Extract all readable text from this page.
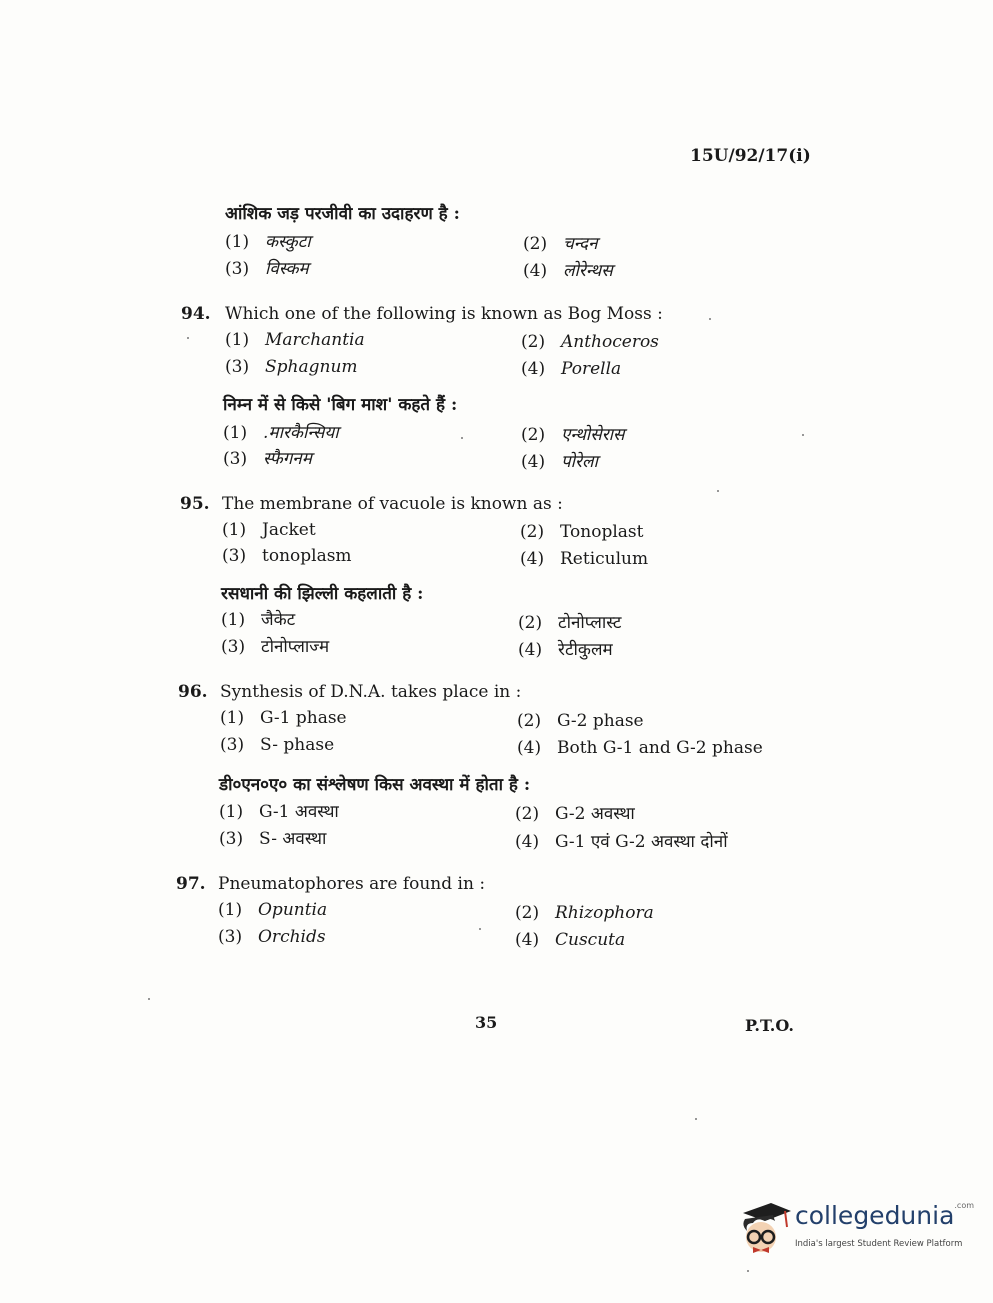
15U/92/17(i)
आंशिक जड़ परजीवी का उदाहरण है :
(1) कस्कुटा	(2) चन्दन
(3) विस्कम	(4) लोरेन्थस
94. Which one of the following is known as Bog Moss :
(1) Marchantia	(2) Anthoceros
(3) Sphagnum	(4) Porella
निम्न में से किसे 'बिग माश' कहते हैं :
(1) .मारकैन्सिया	(2) एन्थोसेरास
(3) स्फैगनम	(4) पोरेला
95. The membrane of vacuole is known as :
(1) Jacket	(2) Tonoplast
(3) tonoplasm	(4) Reticulum
रसधानी की झिल्ली कहलाती है :
(1) जैकेट	(2) टोनोप्लास्ट
(3) टोनोप्लाज्म	(4) रेटीकुलम
96. Synthesis of D.N.A. takes place in :
(1) G-1 phase	(2) G-2 phase
(3) S- phase	(4) Both G-1 and G-2 phase
डी०एन०ए० का संश्लेषण किस अवस्था में होता है :
(1) G-1 अवस्था	(2) G-2 अवस्था
(3) S- अवस्था	(4) G-1 एवं G-2 अवस्था दोनों
97. Pneumatophores are found in :
(1) Opuntia	(2) Rhizophora
(3) Orchids	(4) Cuscuta
35	P.T.O.
collegedunia$^{.com}$
India's largest Student Review Platform
